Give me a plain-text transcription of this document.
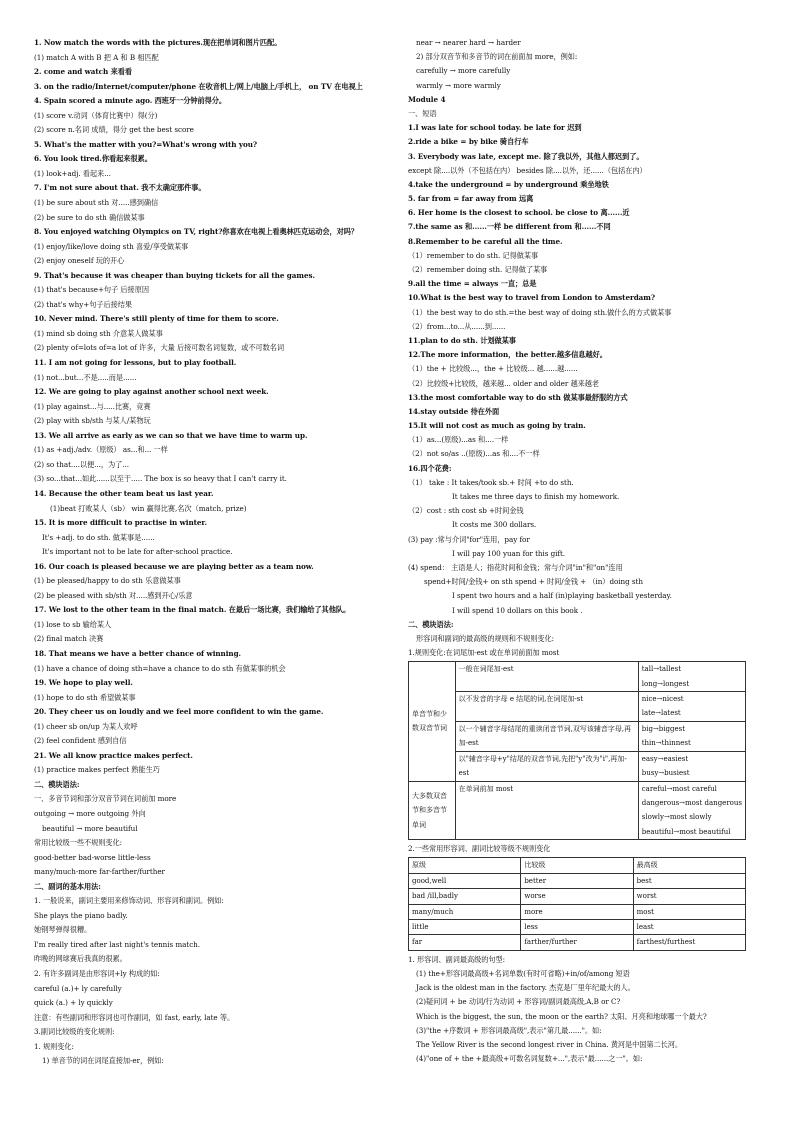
1. Now match the words with the pictures.现在把单词和图片匹配。
(1) match A with B 把 A 和 B 相匹配
2. come and watch 来看看
3. on the radio/Internet/computer/phone 在收音机上/网上/电脑上/手机上， on TV 在电视上
4. Spain scored a minute ago. 西班牙一分钟前得分。
(1) score v.动词（体育比赛中）得(分)
(2) score n.名词 成绩，得分 get the best score
5. What's the matter with you?=What's wrong with you?
6. You look tired.你看起来很累。
(1) look+adj. 看起来...
7. I'm not sure about that. 我不太确定那件事。
(1) be sure about sth 对.....感到确信
(2) be sure to do sth 确信做某事
8. You enjoyed watching Olympics on TV, right?你喜欢在电视上看奥林匹克运动会，对吗？
(1) enjoy/like/love doing sth 喜爱/享受做某事
(2) enjoy oneself 玩的开心
9. That's because it was cheaper than buying tickets for all the games.
(1) that's because+句子 后接原因
(2) that's why+句子后接结果
10. Never mind. There's still plenty of time for them to score.
(1) mind sb doing sth 介意某人做某事
(2) plenty of=lots of=a lot of 许多，大量 后接可数名词复数，或不可数名词
11. I am not going for lessons, but to play football.
(1) not...but...不是.....而是......
12. We are going to play against another school next week.
(1) play against...与.....比赛，竞赛
(2) play with sb/sth 与某人/某物玩
13. We all arrive as early as we can so that we have time to warm up.
(1) as +adj./adv.（原级） as...和... 一样
(2) so that....以便...，为了...
(3) so...that...如此......以至于..... The box is so heavy that I can't carry it.
14. Because the other team beat us last year.
(1)beat 打败某人（sb） win 赢得比赛,名次（match, prize)
15. It is more difficult to practise in winter.
It's +adj. to do sth. 做某事是......
It's important not to be late for after-school practice.
16. Our coach is pleased because we are playing better as a team now.
(1) be pleased/happy to do sth 乐意做某事
(2) be pleased with sb/sth 对.....感到开心/乐意
17. We lost to the other team in the final match. 在最后一场比赛，我们输给了其他队。
(1) lose to sb 输给某人
(2) final match 决赛
18. That means we have a better chance of winning.
(1) have a chance of doing sth=have a chance to do sth 有做某事的机会
19. We hope to play well.
(1) hope to do sth 希望做某事
20. They cheer us on loudly and we feel more confident to win the game.
(1) cheer sb on/up 为某人欢呼
(2) feel confident 感到自信
21. We all know practice makes perfect.
(1) practice makes perfect 熟能生巧
二、模块语法:
一、多音节词和部分双音节词在词前加 more
outgoing → more outgoing 外向
beautiful → more beautiful
常用比较级一些不规则变化:
good-better bad-worse little-less
many/much-more far-farther/further
二、副词的基本用法:
1. 一般说来，副词主要用来修饰动词、形容词和副词。例如:
She plays the piano badly.
她钢琴弹得很糟。
I'm really tired after last night's tennis match.
昨晚的网球赛后我真的很累。
2. 有许多副词是由形容词+ly 构成的如:
careful (a.)+ ly carefully
quick (a.) + ly quickly
注意：有些副词和形容词也可作副词，如 fast, early, late 等。
3.副词比较级的变化规则:
1. 规则变化:
1) 单音节的词在词尾直接加-er，例如:
near → nearer hard → harder
2) 部分双音节和多音节的词在前面加 more，例如:
carefully → more carefully
warmly → more warmly
Module 4
一、短语
1.I was late for school today. be late for 迟到
2.ride a bike = by bike 骑自行车
3. Everybody was late, except me. 除了我以外，其他人都迟到了。
except 除....以外（不包括在内） besides 除....以外，还......（包括在内）
4.take the underground = by underground 乘坐地铁
5. far from = far away from 远离
6. Her home is the closest to school. be close to 离......近
7.the same as 和......一样 be different from 和......不同
8.Remember to be careful all the time.
（1）remember to do sth. 记得做某事
（2）remember doing sth. 记得做了某事
9.all the time = always 一直；总是
10.What is the best way to travel from London to Amsterdam?
（1）the best way to do sth.=the best way of doing sth.做什么的方式做某事
（2）from...to...从......到......
11.plan to do sth. 计划做某事
12.The more information，the better.越多信息越好。
（1）the + 比较级...，the + 比较级... 越......越......
（2）比较级+比较级，越来越... older and older 越来越老
13.the most comfortable way to do sth 做某事最舒服的方式
14.stay outside 待在外面
15.It will not cost as much as going by train.
（1）as...(原级)...as 和....一样
（2）not so/as ..(原级)...as 和....不一样
16.四个花费:
（1） take : It takes/took sb.+ 时间 +to do sth.
It takes me three days to finish my homework.
（2）cost : sth cost sb +时间金钱
It costs me 300 dollars.
(3) pay :常与介词"for"连用，pay for
I will pay 100 yuan for this gift.
(4) spend： 主语是人；指花时间和金钱；常与介词"in"和"on"连用
spend+时间/金钱+ on sth spend + 时间/金钱 + （in）doing sth
I spent two hours and a half (in)playing basketball yesterday.
I will spend 10 dollars on this book .
二、模块语法:
形容词和副词的最高级的规则和不规则变化:
1.规则变化:在词尾加-est 或在单词前面加 most
单音节和少数双音节词	一般在词尾加-est	tall→tallest
long→longest

	以不发音的字母 e 结尾的词,在词尾加-st	nice→nicest
late→latest

	以一个辅音字母结尾的重读闭音节词,双写该辅音字母,再加-est	big→biggest
thin→thinnest

	以"辅音字母+y"结尾的双音节词,先把"y"改为"i",再加-est	easy→easiest
busy→busiest

大多数双音节和多音节单词	在单词前加 most	careful→most careful
dangerous→most dangerous
slowly→most slowly
beautiful→most beautiful
2.一些常用形容词、副词比较等级不规则变化
原级	比较级	最高级
good,well	better	best
bad /ill,badly	worse	worst
many/much	more	most
little	less	least
far	farther/further	farthest/furthest
1. 形容词、副词最高级的句型:
(1) the+形容词最高级+名词单数(有时可省略)+in/of/among 短语
Jack is the oldest man in the factory. 杰克是厂里年纪最大的人。
(2)疑问词 + be 动词/行为动词 + 形容词/副词最高级,A,B or C?
Which is the biggest, the sun, the moon or the earth? 太阳、月亮和地球哪一个最大?
(3)"the +序数词 + 形容词最高级",表示"第几最......"。如:
The Yellow River is the second longest river in China. 黄河是中国第二长河。
(4)"one of + the +最高级+可数名词复数+...",表示"最......之一"。如:
